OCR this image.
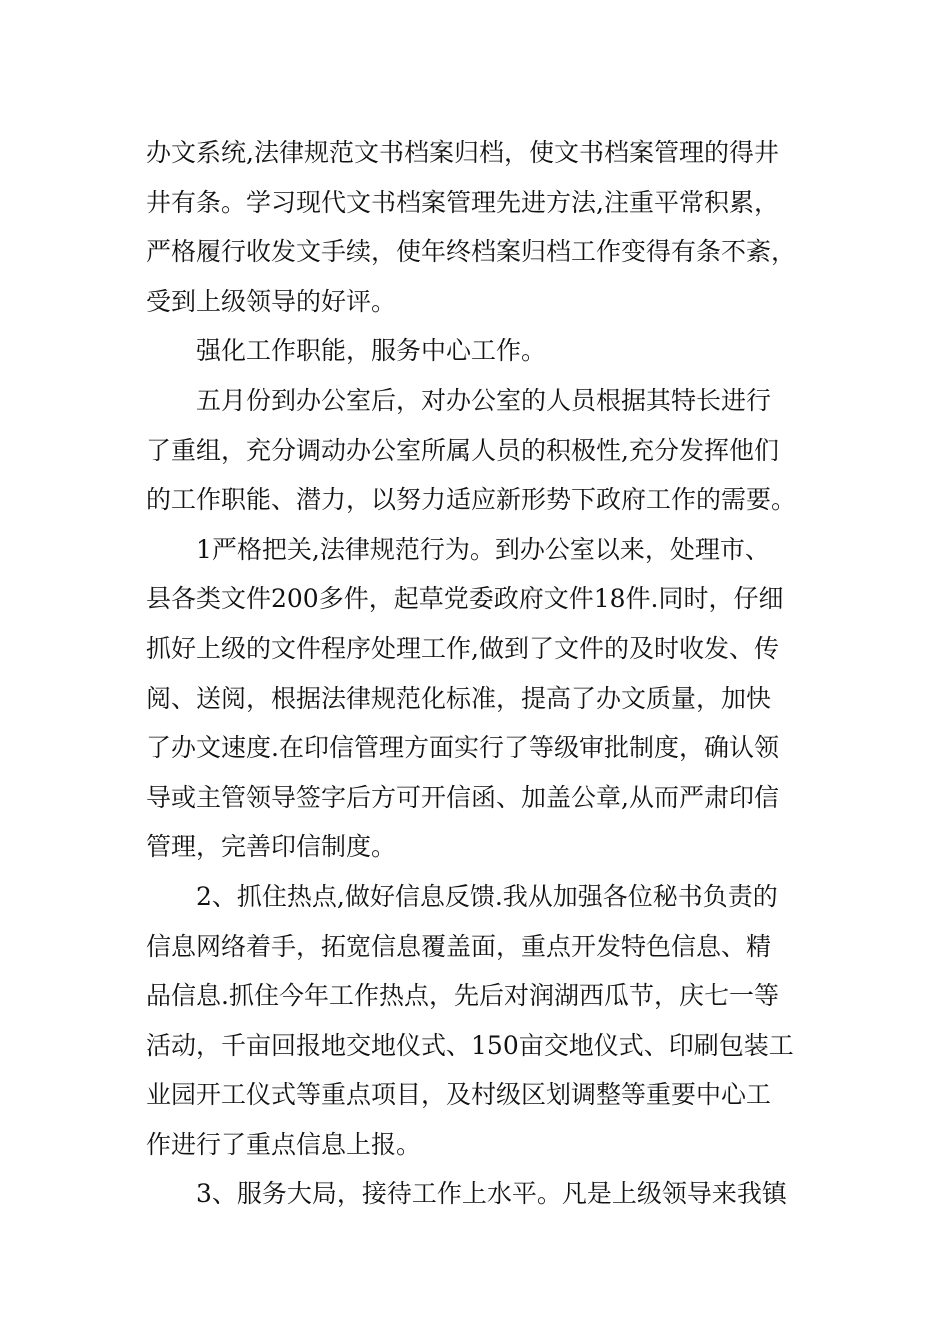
办文系统,法律规范文书档案归档，使文书档案管理的得井
井有条。学习现代文书档案管理先进方法,注重平常积累，
严格履行收发文手续，使年终档案归档工作变得有条不紊，
受到上级领导的好评。
　　强化工作职能，服务中心工作。
　　五月份到办公室后，对办公室的人员根据其特长进行
了重组，充分调动办公室所属人员的积极性,充分发挥他们
的工作职能、潜力，以努力适应新形势下政府工作的需要。
　　1严格把关,法律规范行为。到办公室以来，处理市、
县各类文件200多件，起草党委政府文件18件.同时，仔细
抓好上级的文件程序处理工作,做到了文件的及时收发、传
阅、送阅，根据法律规范化标准，提高了办文质量，加快
了办文速度.在印信管理方面实行了等级审批制度，确认领
导或主管领导签字后方可开信函、加盖公章,从而严肃印信
管理，完善印信制度。
　　2、抓住热点,做好信息反馈.我从加强各位秘书负责的
信息网络着手，拓宽信息覆盖面，重点开发特色信息、精
品信息.抓住今年工作热点，先后对润湖西瓜节，庆七一等
活动，千亩回报地交地仪式、150亩交地仪式、印刷包装工
业园开工仪式等重点项目，及村级区划调整等重要中心工
作进行了重点信息上报。
　　3、服务大局，接待工作上水平。凡是上级领导来我镇
